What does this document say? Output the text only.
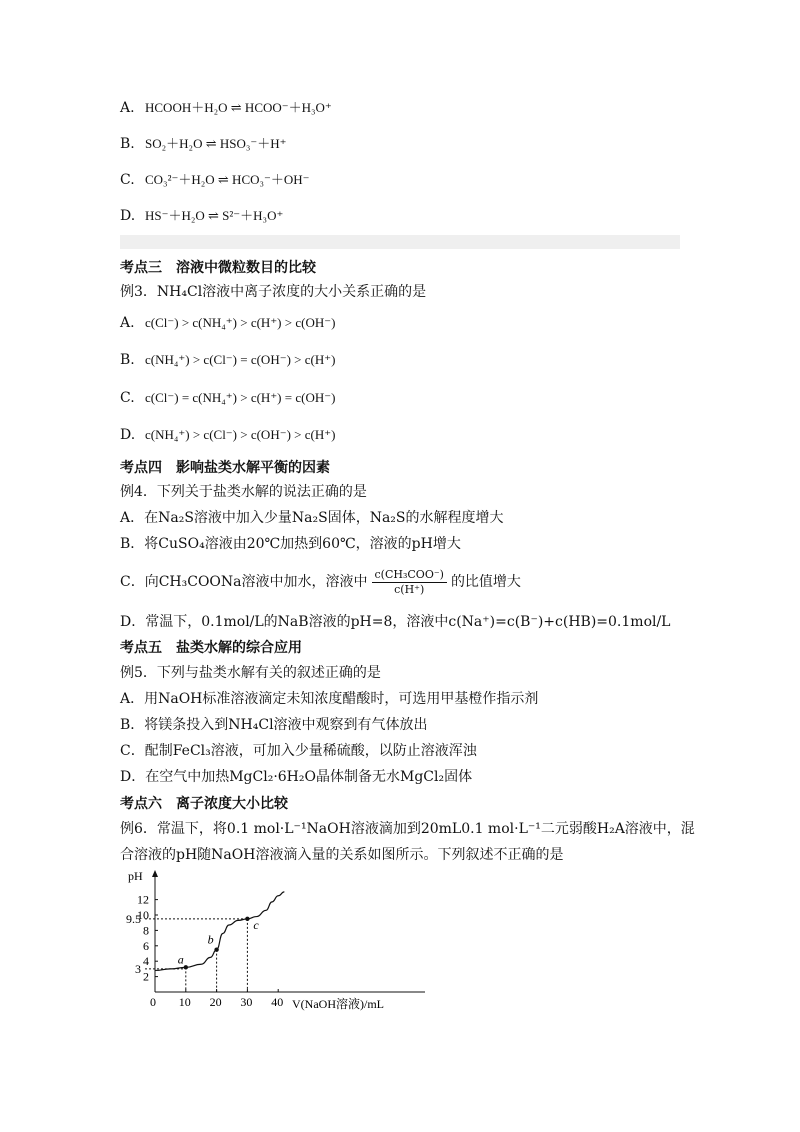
A. HCOOH＋H₂O ⇌ HCOO⁻＋H₃O⁺
B. SO₂＋H₂O ⇌ HSO₃⁻＋H⁺
C. CO₃²⁻＋H₂O ⇌ HCO₃⁻＋OH⁻
D. HS⁻＋H₂O ⇌ S²⁻＋H₃O⁺
考点三　溶液中微粒数目的比较
例3．NH₄Cl溶液中离子浓度的大小关系正确的是
A. c(Cl⁻) > c(NH₄⁺) > c(H⁺) > c(OH⁻)
B. c(NH₄⁺) > c(Cl⁻) = c(OH⁻) > c(H⁺)
C. c(Cl⁻) = c(NH₄⁺) > c(H⁺) = c(OH⁻)
D. c(NH₄⁺) > c(Cl⁻) > c(OH⁻) > c(H⁺)
考点四　影响盐类水解平衡的因素
例4．下列关于盐类水解的说法正确的是
A．在Na₂S溶液中加入少量Na₂S固体，Na₂S的水解程度增大
B．将CuSO₄溶液由20℃加热到60℃，溶液的pH增大
C．向CH₃COONa溶液中加水，溶液中 $\frac{\text{c(CH₃COO⁻)}}{c(H^+)}$ 的比值增大
D．常温下，0.1mol/L的NaB溶液的pH=8，溶液中c(Na⁺)=c(B⁻)+c(HB)=0.1mol/L
考点五　盐类水解的综合应用
例5．下列与盐类水解有关的叙述正确的是
A．用NaOH标准溶液滴定未知浓度醋酸时，可选用甲基橙作指示剂
B．将镁条投入到NH₄Cl溶液中观察到有气体放出
C．配制FeCl₃溶液，可加入少量稀硫酸，以防止溶液浑浊
D．在空气中加热MgCl₂·6H₂O晶体制备无水MgCl₂固体
考点六　离子浓度大小比较
例6．常温下，将0.1 mol·L⁻¹NaOH溶液滴加到20mL0.1 mol·L⁻¹二元弱酸H₂A溶液中，混
合溶液的pH随NaOH溶液滴入量的关系如图所示。下列叙述不正确的是
pH
V(NaOH溶液)/mL
0 10 20 30 40
2
4
6
8
10
12
3
9.5
a
b
c
